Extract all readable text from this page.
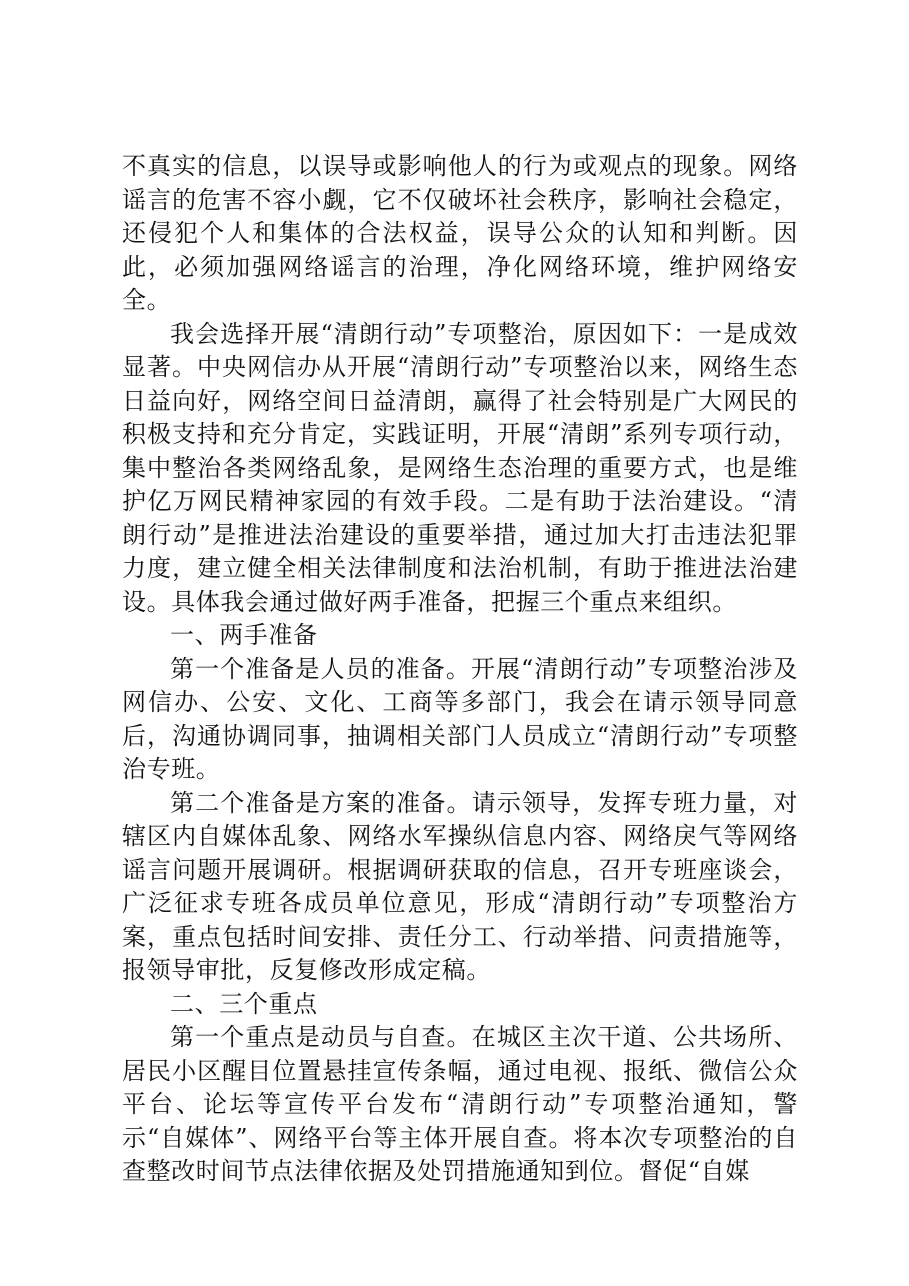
不真实的信息，以误导或影响他人的行为或观点的现象。网络谣言的危害不容小觑，它不仅破坏社会秩序，影响社会稳定，还侵犯个人和集体的合法权益，误导公众的认知和判断。因此，必须加强网络谣言的治理，净化网络环境，维护网络安全。

我会选择开展“清朗行动”专项整治，原因如下：一是成效显著。中央网信办从开展“清朗行动”专项整治以来，网络生态日益向好，网络空间日益清朗，赢得了社会特别是广大网民的积极支持和充分肯定，实践证明，开展“清朗”系列专项行动，集中整治各类网络乱象，是网络生态治理的重要方式，也是维护亿万网民精神家园的有效手段。二是有助于法治建设。“清朗行动”是推进法治建设的重要举措，通过加大打击违法犯罪力度，建立健全相关法律制度和法治机制，有助于推进法治建设。具体我会通过做好两手准备，把握三个重点来组织。

一、两手准备

第一个准备是人员的准备。开展“清朗行动”专项整治涉及网信办、公安、文化、工商等多部门，我会在请示领导同意后，沟通协调同事，抽调相关部门人员成立“清朗行动”专项整治专班。

第二个准备是方案的准备。请示领导，发挥专班力量，对辖区内自媒体乱象、网络水军操纵信息内容、网络戾气等网络谣言问题开展调研。根据调研获取的信息，召开专班座谈会，广泛征求专班各成员单位意见，形成“清朗行动”专项整治方案，重点包括时间安排、责任分工、行动举措、问责措施等，报领导审批，反复修改形成定稿。

二、三个重点

第一个重点是动员与自查。在城区主次干道、公共场所、居民小区醒目位置悬挂宣传条幅，通过电视、报纸、微信公众平台、论坛等宣传平台发布“清朗行动”专项整治通知，警示“自媒体”、网络平台等主体开展自查。将本次专项整治的自查整改时间节点法律依据及处罚措施通知到位。督促“自媒
